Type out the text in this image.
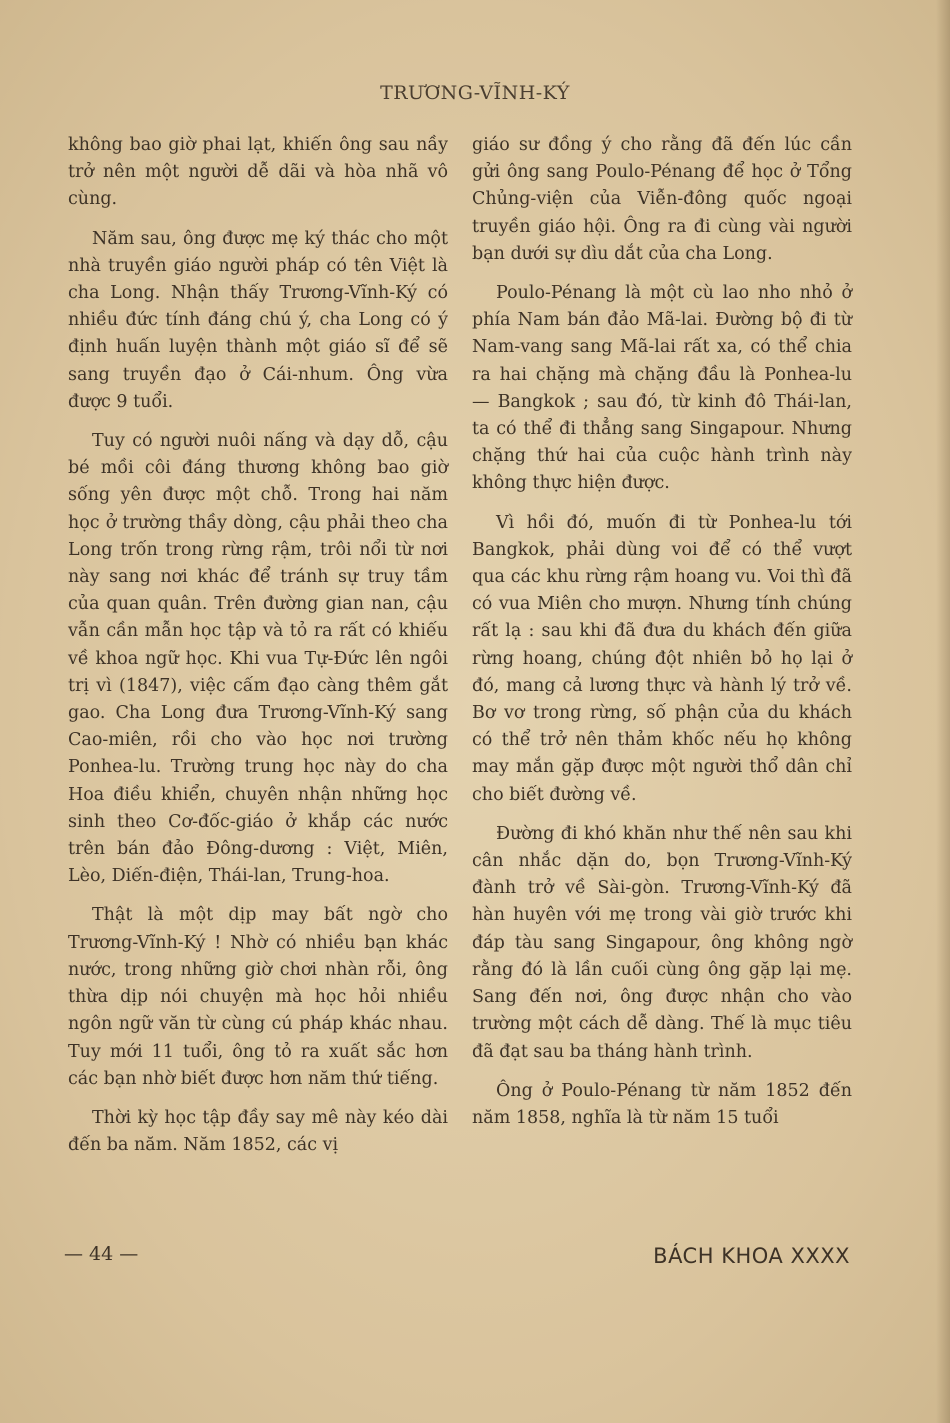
TRƯƠNG-VĨNH-KÝ

không bao giờ phai lạt, khiến ông sau nầy trở nên một người dễ dãi và hòa nhã vô cùng.

Năm sau, ông được mẹ ký thác cho một nhà truyền giáo người pháp có tên Việt là cha Long. Nhận thấy Trương-Vĩnh-Ký có nhiều đức tính đáng chú ý, cha Long có ý định huấn luyện thành một giáo sĩ để sẽ sang truyền đạo ở Cái-nhum. Ông vừa được 9 tuổi.

Tuy có người nuôi nấng và dạy dỗ, cậu bé mồi côi đáng thương không bao giờ sống yên được một chỗ. Trong hai năm học ở trường thầy dòng, cậu phải theo cha Long trốn trong rừng rậm, trôi nổi từ nơi này sang nơi khác để tránh sự truy tầm của quan quân. Trên đường gian nan, cậu vẫn cần mẫn học tập và tỏ ra rất có khiếu về khoa ngữ học. Khi vua Tự-Đức lên ngôi trị vì (1847), việc cấm đạo càng thêm gắt gao. Cha Long đưa Trương-Vĩnh-Ký sang Cao-miên, rồi cho vào học nơi trường Ponhea-lu. Trường trung học này do cha Hoa điều khiển, chuyên nhận những học sinh theo Cơ-đốc-giáo ở khắp các nước trên bán đảo Đông-dương : Việt, Miên, Lèo, Diến-điện, Thái-lan, Trung-hoa.

Thật là một dịp may bất ngờ cho Trương-Vĩnh-Ký ! Nhờ có nhiều bạn khác nước, trong những giờ chơi nhàn rỗi, ông thừa dịp nói chuyện mà học hỏi nhiều ngôn ngữ văn từ cùng cú pháp khác nhau. Tuy mới 11 tuổi, ông tỏ ra xuất sắc hơn các bạn nhờ biết được hơn năm thứ tiếng.

Thời kỳ học tập đầy say mê này kéo dài đến ba năm. Năm 1852, các vị

giáo sư đồng ý cho rằng đã đến lúc cần gửi ông sang Poulo-Pénang để học ở Tổng Chủng-viện của Viễn-đông quốc ngoại truyền giáo hội. Ông ra đi cùng vài người bạn dưới sự dìu dắt của cha Long.

Poulo-Pénang là một cù lao nho nhỏ ở phía Nam bán đảo Mã-lai. Đường bộ đi từ Nam-vang sang Mã-lai rất xa, có thể chia ra hai chặng mà chặng đầu là Ponhea-lu — Bangkok ; sau đó, từ kinh đô Thái-lan, ta có thể đi thẳng sang Singapour. Nhưng chặng thứ hai của cuộc hành trình này không thực hiện được.

Vì hồi đó, muốn đi từ Ponhea-lu tới Bangkok, phải dùng voi để có thể vượt qua các khu rừng rậm hoang vu. Voi thì đã có vua Miên cho mượn. Nhưng tính chúng rất lạ : sau khi đã đưa du khách đến giữa rừng hoang, chúng đột nhiên bỏ họ lại ở đó, mang cả lương thực và hành lý trở về. Bơ vơ trong rừng, số phận của du khách có thể trở nên thảm khốc nếu họ không may mắn gặp được một người thổ dân chỉ cho biết đường về.

Đường đi khó khăn như thế nên sau khi cân nhắc dặn do, bọn Trương-Vĩnh-Ký đành trở về Sài-gòn. Trương-Vĩnh-Ký đã hàn huyên với mẹ trong vài giờ trước khi đáp tàu sang Singapour, ông không ngờ rằng đó là lần cuối cùng ông gặp lại mẹ. Sang đến nơi, ông được nhận cho vào trường một cách dễ dàng. Thế là mục tiêu đã đạt sau ba tháng hành trình.

Ông ở Poulo-Pénang từ năm 1852 đến năm 1858, nghĩa là từ năm 15 tuổi

— 44 —	BÁCH KHOA XXXX
